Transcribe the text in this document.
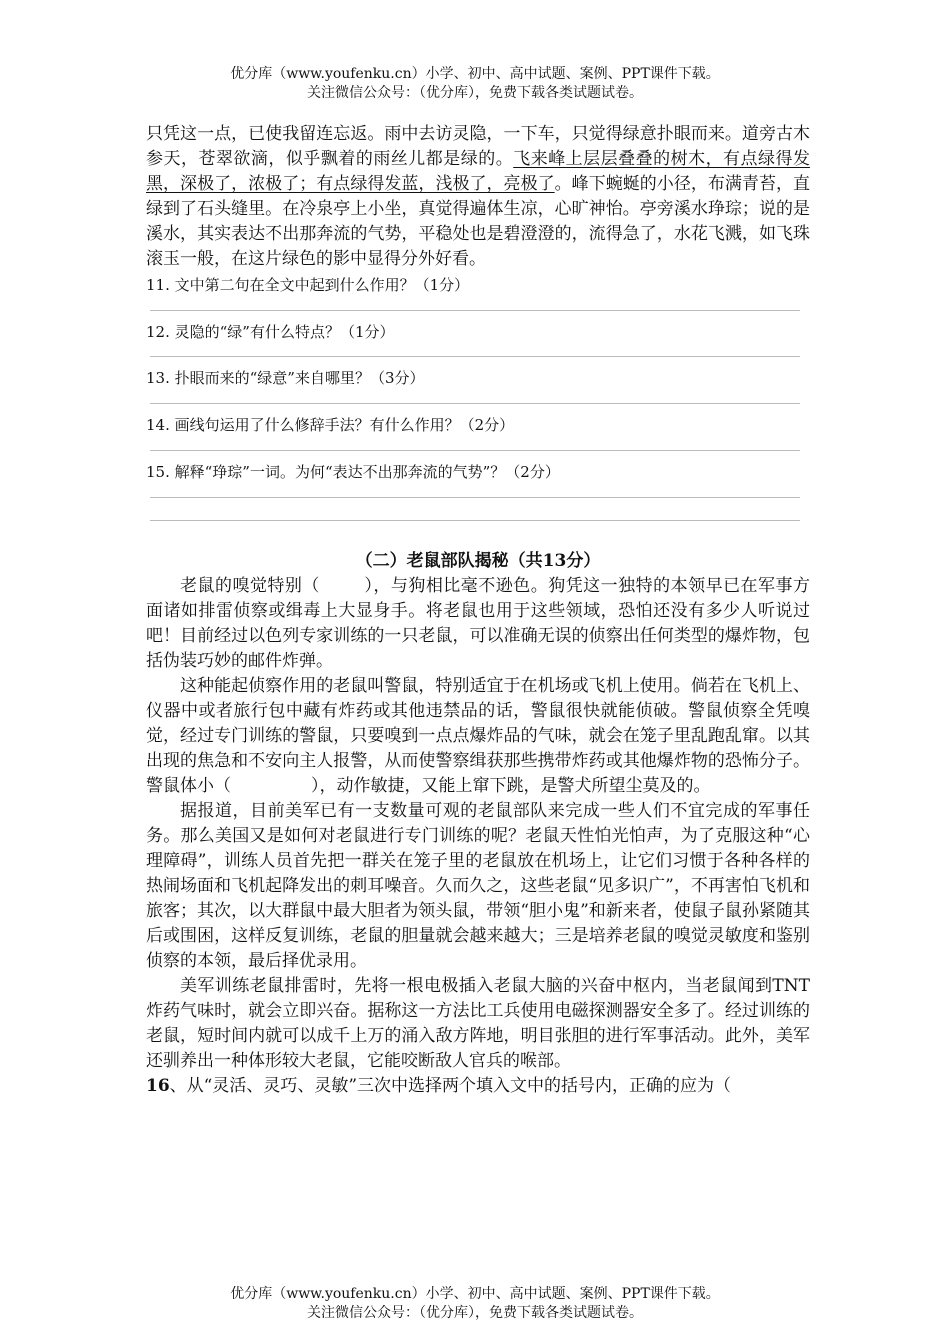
优分库（www.youfenku.cn）小学、初中、高中试题、案例、PPT课件下载。
关注微信公众号：（优分库），免费下载各类试题试卷。

只凭这一点，已使我留连忘返。雨中去访灵隐，一下车，只觉得绿意扑眼而来。道旁古木参天，苍翠欲滴，似乎飘着的雨丝儿都是绿的。飞来峰上层层叠叠的树木，有点绿得发黑，深极了，浓极了；有点绿得发蓝，浅极了，亮极了。峰下蜿蜒的小径，布满青苔，直绿到了石头缝里。在冷泉亭上小坐，真觉得遍体生凉，心旷神怡。亭旁溪水琤琮；说的是溪水，其实表达不出那奔流的气势，平稳处也是碧澄澄的，流得急了，水花飞溅，如飞珠滚玉一般，在这片绿色的影中显得分外好看。

11. 文中第二句在全文中起到什么作用？（1分）
12. 灵隐的“绿”有什么特点？（1分）
13. 扑眼而来的“绿意”来自哪里？（3分）
14. 画线句运用了什么修辞手法？有什么作用？（2分）
15. 解释“琤琮”一词。为何“表达不出那奔流的气势”？（2分）
（二）老鼠部队揭秘（共13分）

老鼠的嗅觉特别（	），与狗相比毫不逊色。狗凭这一独特的本领早已在军事方面诸如排雷侦察或缉毒上大显身手。将老鼠也用于这些领域，恐怕还没有多少人听说过吧！目前经过以色列专家训练的一只老鼠，可以准确无误的侦察出任何类型的爆炸物，包括伪装巧妙的邮件炸弹。

这种能起侦察作用的老鼠叫警鼠，特别适宜于在机场或飞机上使用。倘若在飞机上、仪器中或者旅行包中藏有炸药或其他违禁品的话，警鼠很快就能侦破。警鼠侦察全凭嗅觉，经过专门训练的警鼠，只要嗅到一点点爆炸品的气味，就会在笼子里乱跑乱窜。以其出现的焦急和不安向主人报警，从而使警察缉获那些携带炸药或其他爆炸物的恐怖分子。警鼠体小（	），动作敏捷，又能上窜下跳，是警犬所望尘莫及的。

据报道，目前美军已有一支数量可观的老鼠部队来完成一些人们不宜完成的军事任务。那么美国又是如何对老鼠进行专门训练的呢？老鼠天性怕光怕声，为了克服这种“心理障碍”，训练人员首先把一群关在笼子里的老鼠放在机场上，让它们习惯于各种各样的热闹场面和飞机起降发出的刺耳噪音。久而久之，这些老鼠“见多识广”，不再害怕飞机和旅客；其次，以大群鼠中最大胆者为领头鼠，带领“胆小鬼”和新来者，使鼠子鼠孙紧随其后或围困，这样反复训练，老鼠的胆量就会越来越大；三是培养老鼠的嗅觉灵敏度和鉴别侦察的本领，最后择优录用。

美军训练老鼠排雷时，先将一根电极插入老鼠大脑的兴奋中枢内，当老鼠闻到TNT炸药气味时，就会立即兴奋。据称这一方法比工兵使用电磁探测器安全多了。经过训练的老鼠，短时间内就可以成千上万的涌入敌方阵地，明目张胆的进行军事活动。此外，美军还驯养出一种体形较大老鼠，它能咬断敌人官兵的喉部。

16、从“灵活、灵巧、灵敏”三次中选择两个填入文中的括号内，正确的应为（

优分库（www.youfenku.cn）小学、初中、高中试题、案例、PPT课件下载。
关注微信公众号：（优分库），免费下载各类试题试卷。
